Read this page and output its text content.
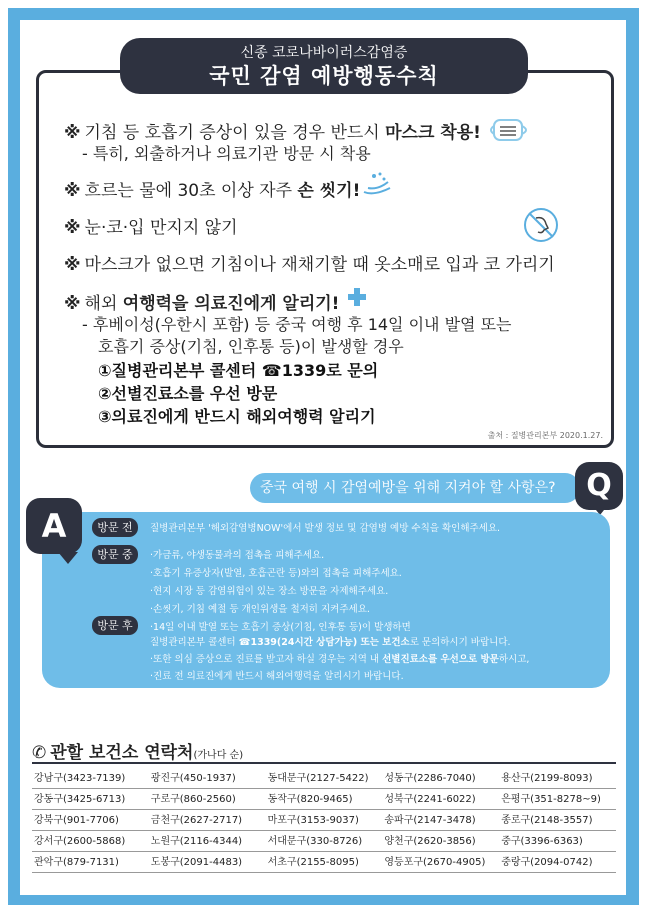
신종 코로나바이러스감염증
국민 감염 예방행동수칙
※ 기침 등 호흡기 증상이 있을 경우 반드시 마스크 착용!
- 특히, 외출하거나 의료기관 방문 시 착용
※ 흐르는 물에 30초 이상 자주 손 씻기!
※ 눈·코·입 만지지 않기
※ 마스크가 없으면 기침이나 재채기할 때 옷소매로 입과 코 가리기
※ 해외 여행력을 의료진에게 알리기!
- 후베이성(우한시 포함) 등 중국 여행 후 14일 이내 발열 또는
호흡기 증상(기침, 인후통 등)이 발생할 경우
①질병관리본부 콜센터 ☎1339로 문의
②선별진료소를 우선 방문
③의료진에게 반드시 해외여행력 알리기
출처 : 질병관리본부 2020.1.27.
중국 여행 시 감염예방을 위해 지켜야 할 사항은?	Q
A	방문 전	질병관리본부 '해외감염병NOW'에서 발생 정보 및 감염병 예방 수칙을 확인해주세요.
방문 중	·가금류, 야생동물과의 접촉을 피해주세요.
·호흡기 유증상자(발열, 호흡곤란 등)와의 접촉을 피해주세요.
·현지 시장 등 감염위험이 있는 장소 방문을 자제해주세요.
·손씻기, 기침 예절 등 개인위생을 철저히 지켜주세요.
방문 후	·14일 이내 발열 또는 호흡기 증상(기침, 인후통 등)이 발생하면
질병관리본부 콜센터 ☎1339(24시간 상담가능) 또는 보건소로 문의하시기 바랍니다.
·또한 의심 증상으로 진료를 받고자 하실 경우는 지역 내 선별진료소를 우선으로 방문하시고,
·진료 전 의료진에게 반드시 해외여행력을 알리시기 바랍니다.
✆ 관할 보건소 연락처(가나다 순)
강남구(3423-7139)	광진구(450-1937)	동대문구(2127-5422)	성동구(2286-7040)	용산구(2199-8093)
강동구(3425-6713)	구로구(860-2560)	동작구(820-9465)	성북구(2241-6022)	은평구(351-8278~9)
강북구(901-7706)	금천구(2627-2717)	마포구(3153-9037)	송파구(2147-3478)	종로구(2148-3557)
강서구(2600-5868)	노원구(2116-4344)	서대문구(330-8726)	양천구(2620-3856)	중구(3396-6363)
관악구(879-7131)	도봉구(2091-4483)	서초구(2155-8095)	영등포구(2670-4905)	중랑구(2094-0742)
